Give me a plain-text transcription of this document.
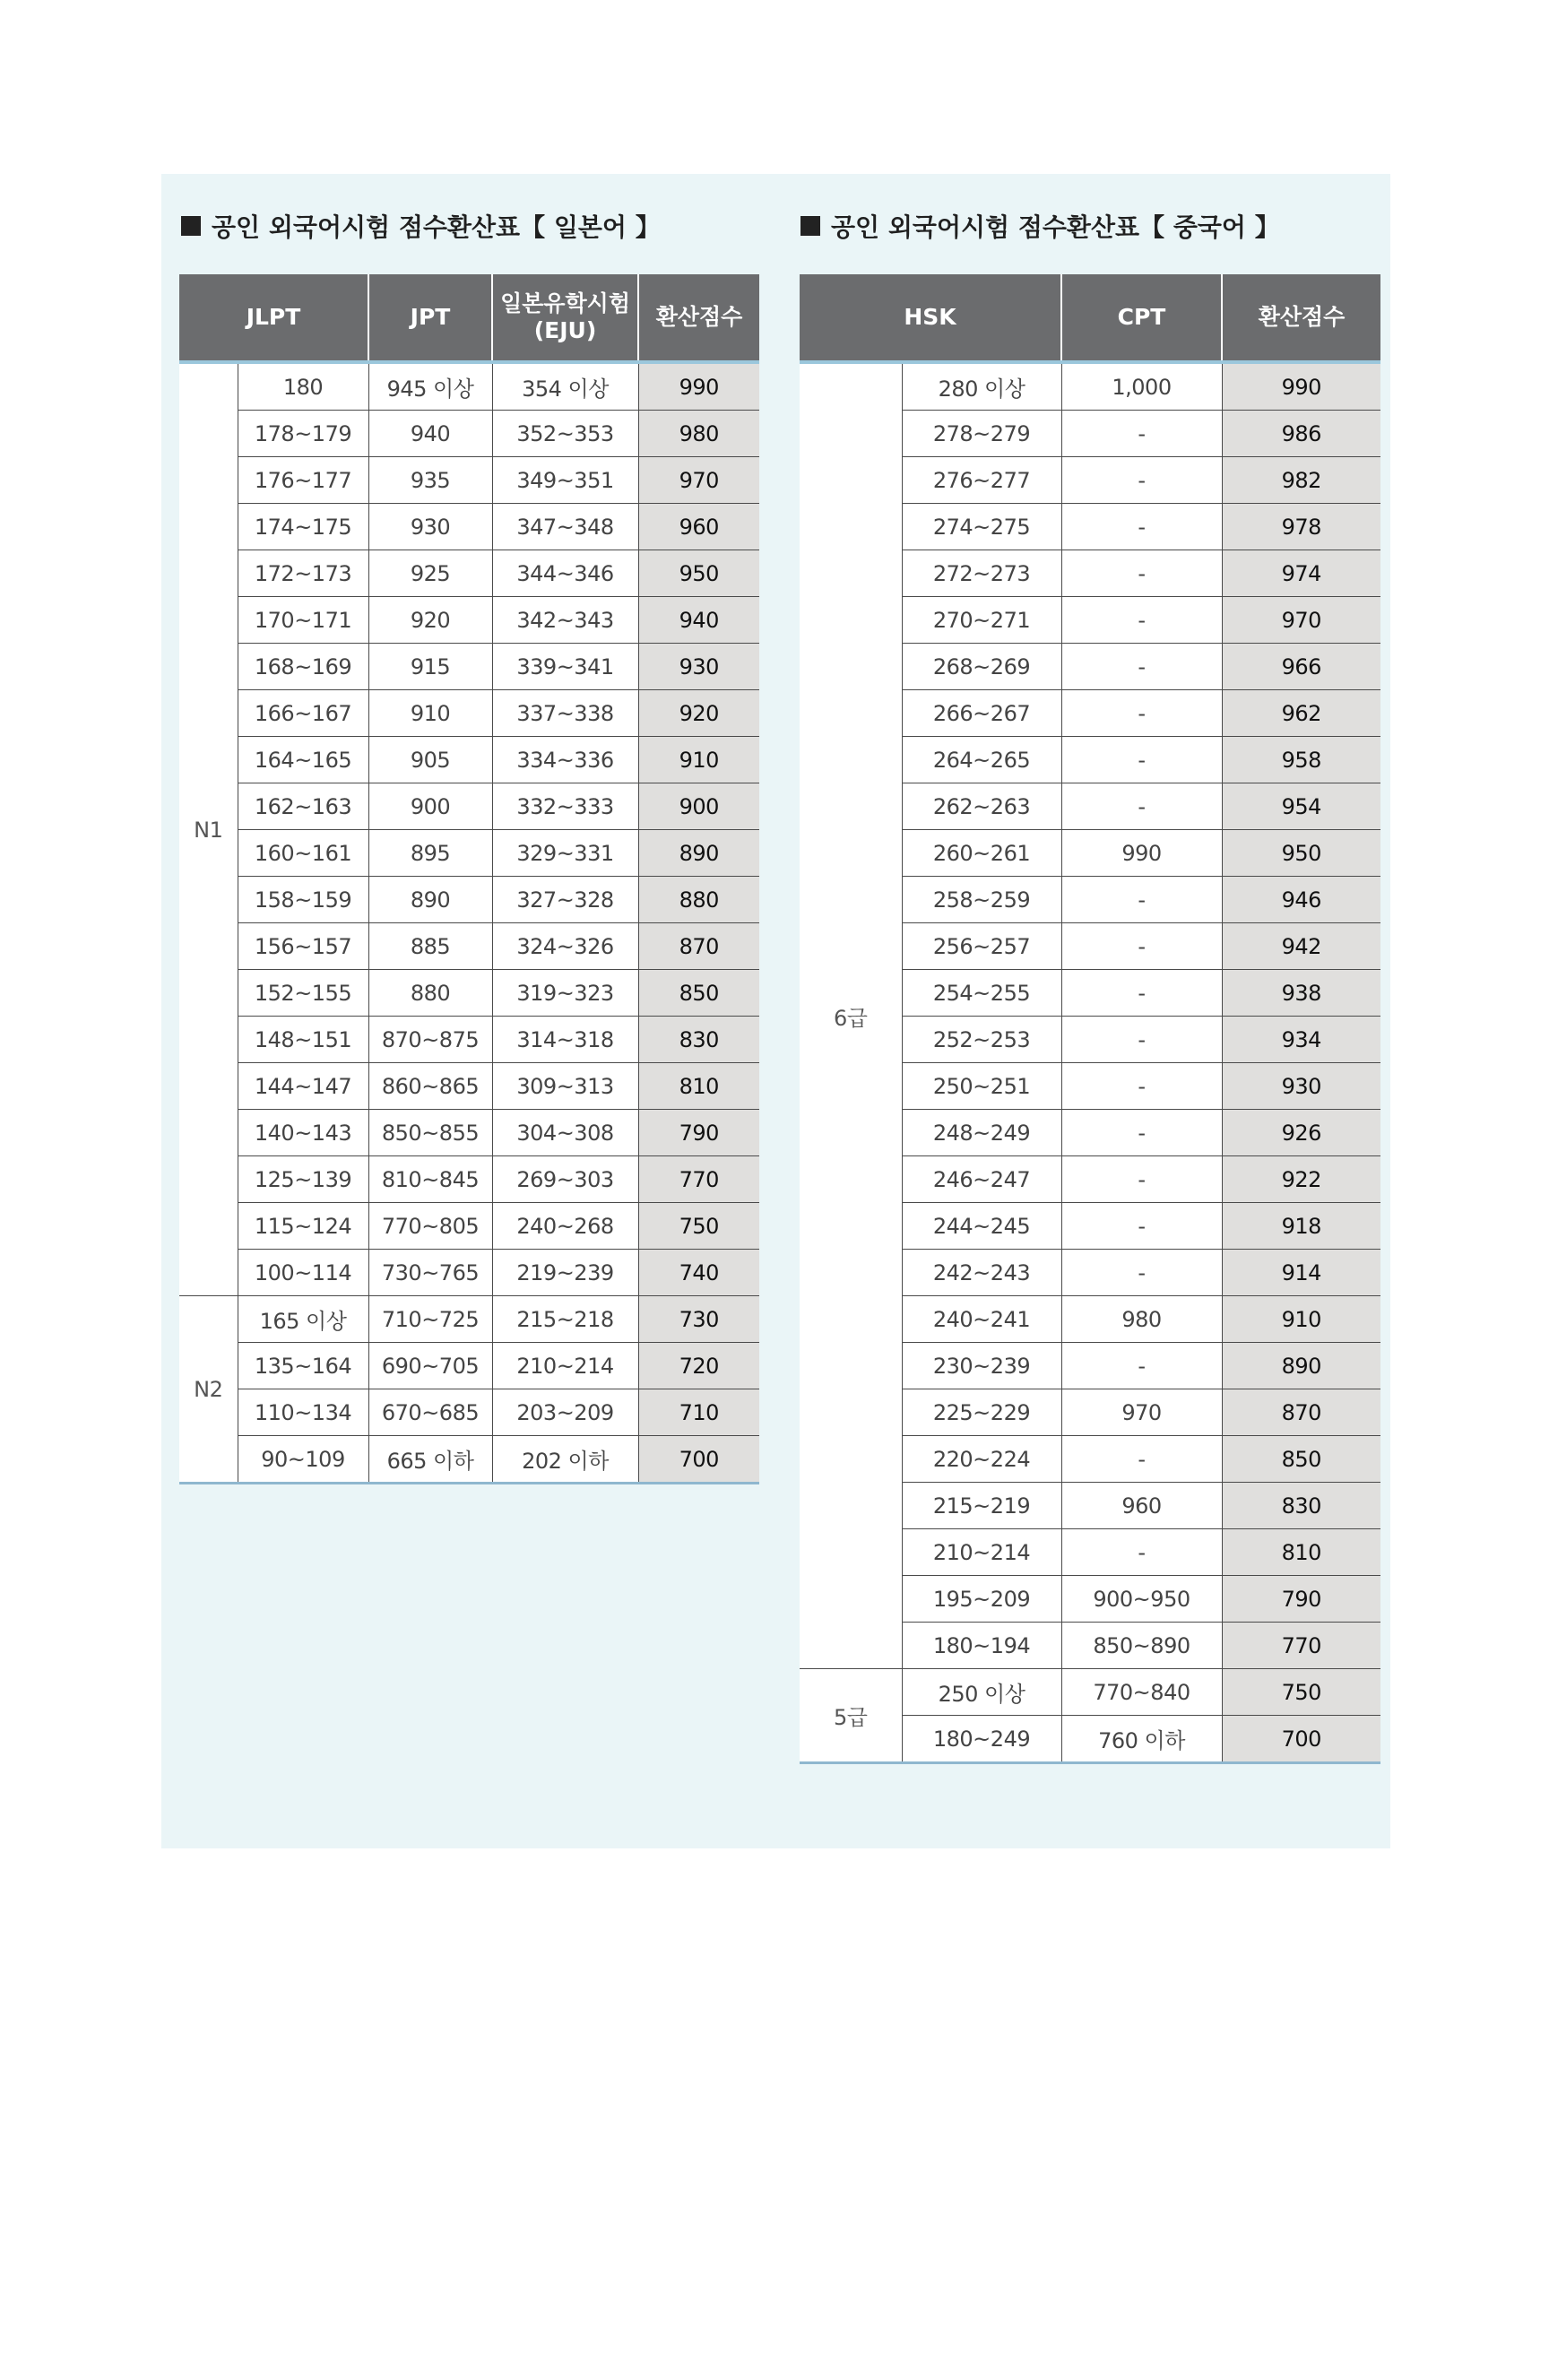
공인 외국어시험 점수환산표【 일본어 】
JLPT		JPT	일본유학시험
(EJU)	환산점수
N1	180	945 이상	354 이상	990
	178~179	940	352~353	980
	176~177	935	349~351	970
	174~175	930	347~348	960
	172~173	925	344~346	950
	170~171	920	342~343	940
	168~169	915	339~341	930
	166~167	910	337~338	920
	164~165	905	334~336	910
	162~163	900	332~333	900
	160~161	895	329~331	890
	158~159	890	327~328	880
	156~157	885	324~326	870
	152~155	880	319~323	850
	148~151	870~875	314~318	830
	144~147	860~865	309~313	810
	140~143	850~855	304~308	790
	125~139	810~845	269~303	770
	115~124	770~805	240~268	750
	100~114	730~765	219~239	740
N2	165 이상	710~725	215~218	730
	135~164	690~705	210~214	720
	110~134	670~685	203~209	710
	90~109	665 이하	202 이하	700
공인 외국어시험 점수환산표【 중국어 】
HSK		CPT	환산점수
6급	280 이상	1,000	990
	278~279	-	986
	276~277	-	982
	274~275	-	978
	272~273	-	974
	270~271	-	970
	268~269	-	966
	266~267	-	962
	264~265	-	958
	262~263	-	954
	260~261	990	950
	258~259	-	946
	256~257	-	942
	254~255	-	938
	252~253	-	934
	250~251	-	930
	248~249	-	926
	246~247	-	922
	244~245	-	918
	242~243	-	914
	240~241	980	910
	230~239	-	890
	225~229	970	870
	220~224	-	850
	215~219	960	830
	210~214	-	810
	195~209	900~950	790
	180~194	850~890	770
5급	250 이상	770~840	750
	180~249	760 이하	700
